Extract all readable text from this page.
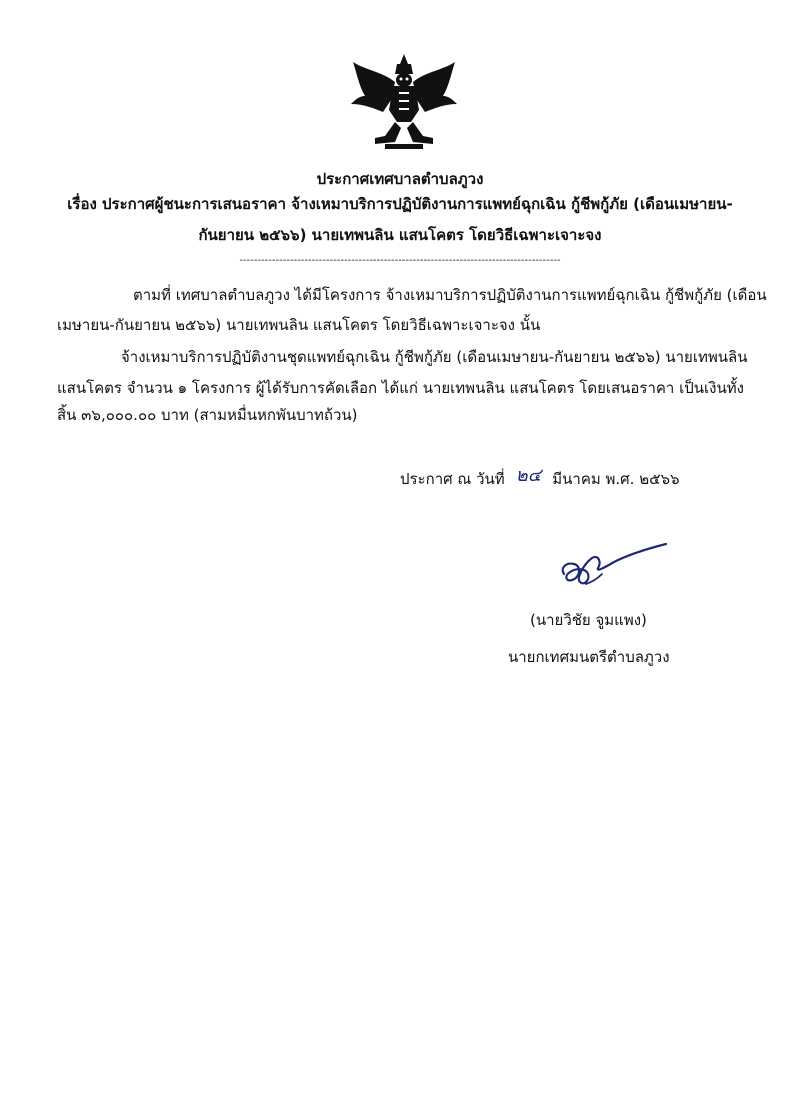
ประกาศเทศบาลตำบลภูวง
เรื่อง ประกาศผู้ชนะการเสนอราคา จ้างเหมาบริการปฏิบัติงานการแพทย์ฉุกเฉิน กู้ชีพกู้ภัย (เดือนเมษายน-
กันยายน ๒๕๖๖) นายเทพนลิน แสนโคตร โดยวิธีเฉพาะเจาะจง
-----------------------------------------------------------------------------------------
ตามที่ เทศบาลตำบลภูวง ได้มีโครงการ จ้างเหมาบริการปฏิบัติงานการแพทย์ฉุกเฉิน กู้ชีพกู้ภัย (เดือน
เมษายน-กันยายน ๒๕๖๖) นายเทพนลิน แสนโคตร โดยวิธีเฉพาะเจาะจง นั้น
จ้างเหมาบริการปฏิบัติงานชุดแพทย์ฉุกเฉิน กู้ชีพกู้ภัย (เดือนเมษายน-กันยายน ๒๕๖๖) นายเทพนลิน
แสนโคตร จำนวน ๑ โครงการ ผู้ได้รับการคัดเลือก ได้แก่ นายเทพนลิน แสนโคตร โดยเสนอราคา เป็นเงินทั้ง
สิ้น ๓๖,๐๐๐.๐๐ บาท (สามหมื่นหกพันบาทถ้วน)
ประกาศ ณ วันที่ ๒๔ มีนาคม พ.ศ. ๒๕๖๖
(นายวิชัย จูมแพง)
นายกเทศมนตรีตำบลภูวง
